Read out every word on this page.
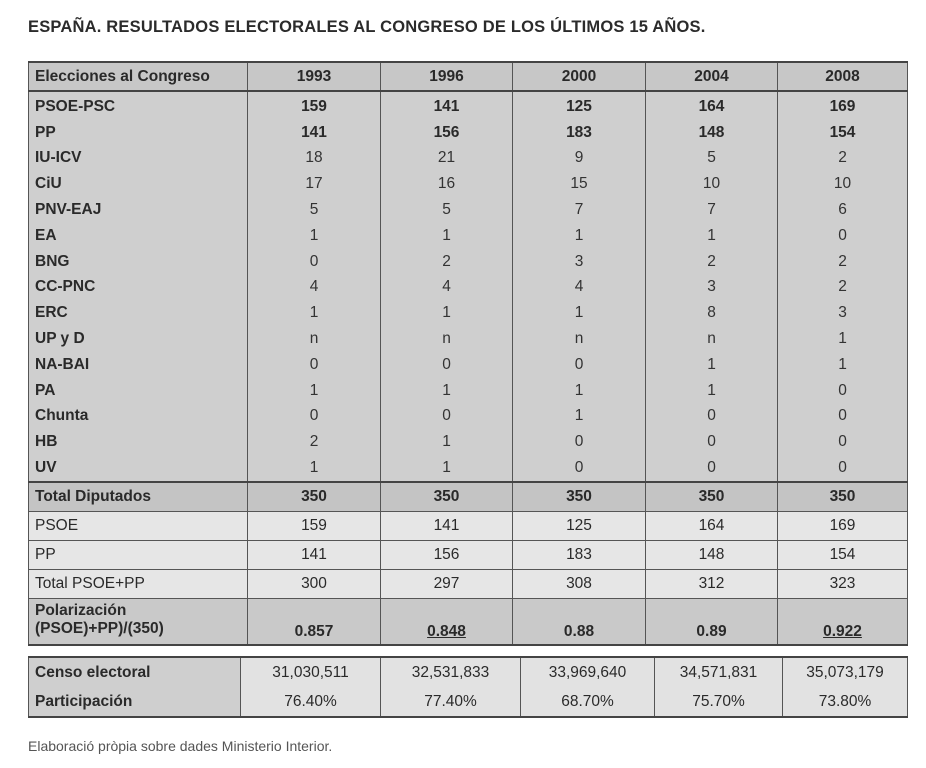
ESPAÑA. RESULTADOS ELECTORALES AL CONGRESO DE LOS ÚLTIMOS 15 AÑOS.
Elecciones al Congreso	1993	1996	2000	2004	2008
PSOE-PSC	159	141	125	164	169
PP	141	156	183	148	154
IU-ICV	18	21	9	5	2
CiU	17	16	15	10	10
PNV-EAJ	5	5	7	7	6
EA	1	1	1	1	0
BNG	0	2	3	2	2
CC-PNC	4	4	4	3	2
ERC	1	1	1	8	3
UP y D	n	n	n	n	1
NA-BAI	0	0	0	1	1
PA	1	1	1	1	0
Chunta	0	0	1	0	0
HB	2	1	0	0	0
UV	1	1	0	0	0
Total Diputados	350	350	350	350	350
PSOE	159	141	125	164	169
PP	141	156	183	148	154
Total PSOE+PP	300	297	308	312	323

Polarización
(PSOE)+PP)/(350)	0.857	0.848	0.88	0.89	0.922
Censo electoral	31,030,511	32,531,833	33,969,640	34,571,831	35,073,179
Participación	76.40%	77.40%	68.70%	75.70%	73.80%
Elaboració pròpia sobre dades Ministerio Interior.
